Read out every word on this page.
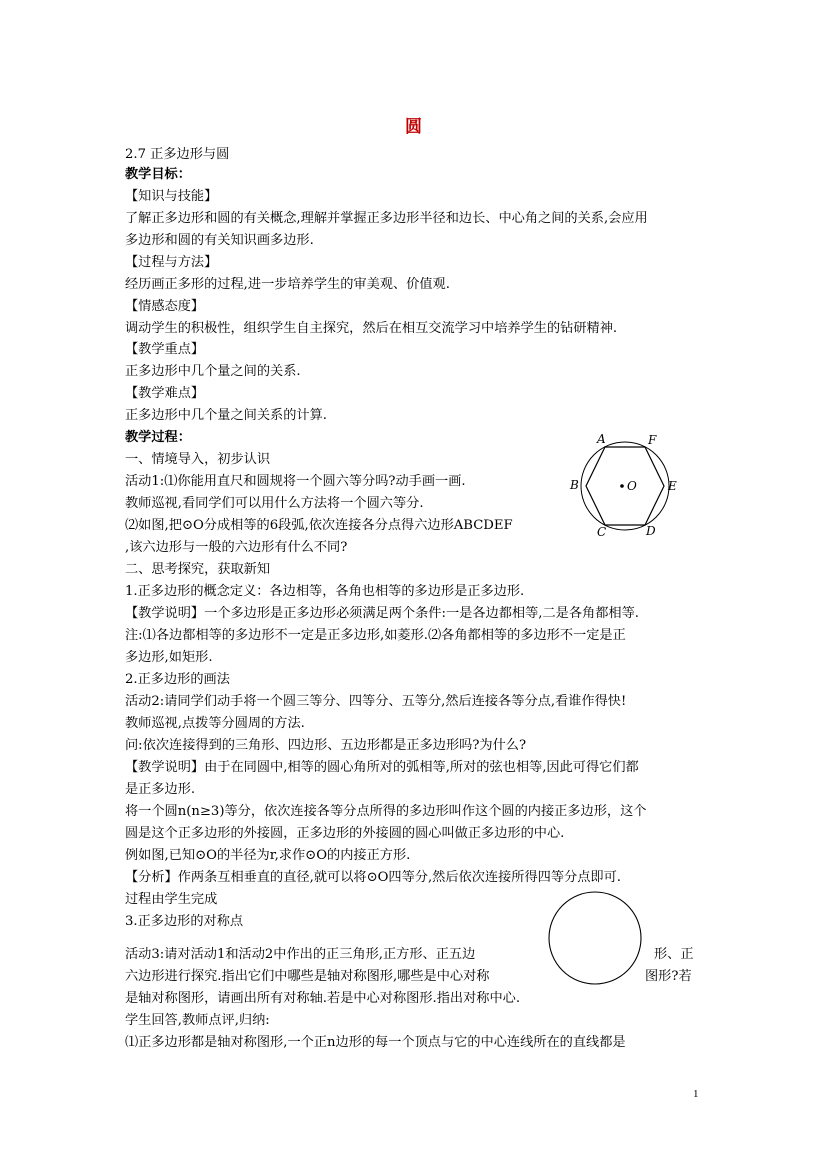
圆
2.7 正多边形与圆
教学目标：
【知识与技能】
了解正多边形和圆的有关概念,理解并掌握正多边形半径和边长、中心角之间的关系,会应用
多边形和圆的有关知识画多边形.
【过程与方法】
经历画正多形的过程,进一步培养学生的审美观、价值观.
【情感态度】
调动学生的积极性，组织学生自主探究，然后在相互交流学习中培养学生的钻研精神.
【教学重点】
正多边形中几个量之间的关系.
【教学难点】
正多边形中几个量之间关系的计算.
教学过程：
一、情境导入，初步认识
活动1:⑴你能用直尺和圆规将一个圆六等分吗?动手画一画.
教师巡视,看同学们可以用什么方法将一个圆六等分.
⑵如图,把⊙O分成相等的6段弧,依次连接各分点得六边形ABCDEF
,该六边形与一般的六边形有什么不同?
二、思考探究，获取新知
1.正多边形的概念定义：各边相等，各角也相等的多边形是正多边形.
【教学说明】一个多边形是正多边形必须满足两个条件:一是各边都相等,二是各角都相等.
注:⑴各边都相等的多边形不一定是正多边形,如菱形.⑵各角都相等的多边形不一定是正
多边形,如矩形.
2.正多边形的画法
活动2:请同学们动手将一个圆三等分、四等分、五等分,然后连接各等分点,看谁作得快!
教师巡视,点拨等分圆周的方法.
问:依次连接得到的三角形、四边形、五边形都是正多边形吗?为什么?
【教学说明】由于在同圆中,相等的圆心角所对的弧相等,所对的弦也相等,因此可得它们都
是正多边形.
将一个圆n(n≥3)等分，依次连接各等分点所得的多边形叫作这个圆的内接正多边形，这个
圆是这个正多边形的外接圆，正多边形的外接圆的圆心叫做正多边形的中心.
例如图,已知⊙O的半径为r,求作⊙O的内接正方形.
【分析】作两条互相垂直的直径,就可以将⊙O四等分,然后依次连接所得四等分点即可.
过程由学生完成
3.正多边形的对称点
活动3:请对活动1和活动2中作出的正三角形,正方形、正五边	形、正
六边形进行探究.指出它们中哪些是轴对称图形,哪些是中心对称	图形?若
是轴对称图形，请画出所有对称轴.若是中心对称图形.指出对称中心.
学生回答,教师点评,归纳:
⑴正多边形都是轴对称图形,一个正n边形的每一个顶点与它的中心连线所在的直线都是
A	F
B	O	E
C	D
1
